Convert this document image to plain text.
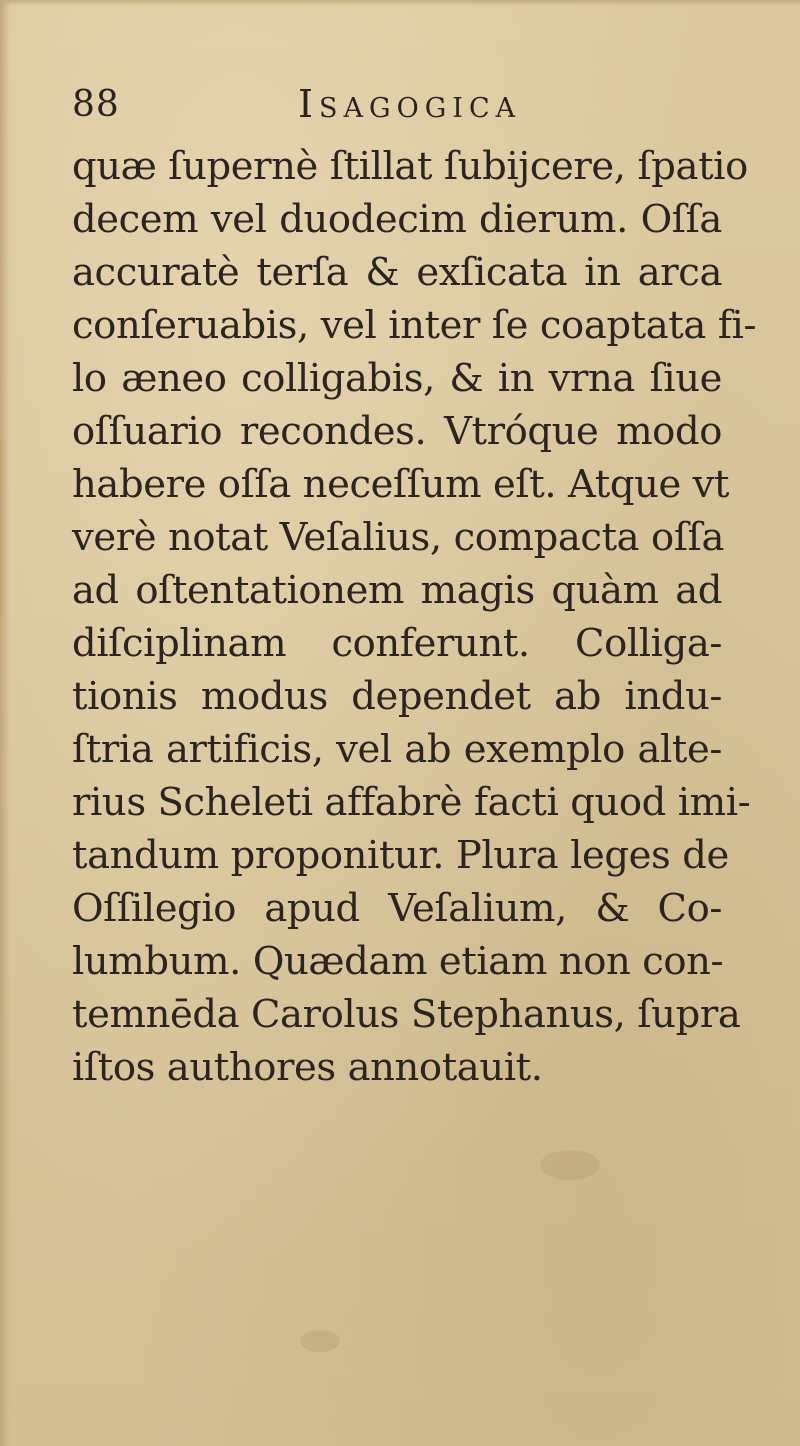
88	Isagogica
quæ ſupernè ſtillat ſubijcere, ſpatio
decem vel duodecim dierum. Oſſa
accuratè terſa & exſicata in arca
conſeruabis, vel inter ſe coaptata fi-
lo æneo colligabis, & in vrna ſiue
oſſuario recondes. Vtróque modo
habere oſſa neceſſum eſt. Atque vt
verè notat Veſalius, compacta oſſa
ad oſtentationem magis quàm ad
diſciplinam conferunt. Colliga-
tionis modus dependet ab indu-
ſtria artificis, vel ab exemplo alte-
rius Scheleti affabrè facti quod imi-
tandum proponitur. Plura leges de
Oſſilegio apud Veſalium, & Co-
lumbum. Quædam etiam non con-
temnēda Carolus Stephanus, ſupra
iſtos authores annotauit.
